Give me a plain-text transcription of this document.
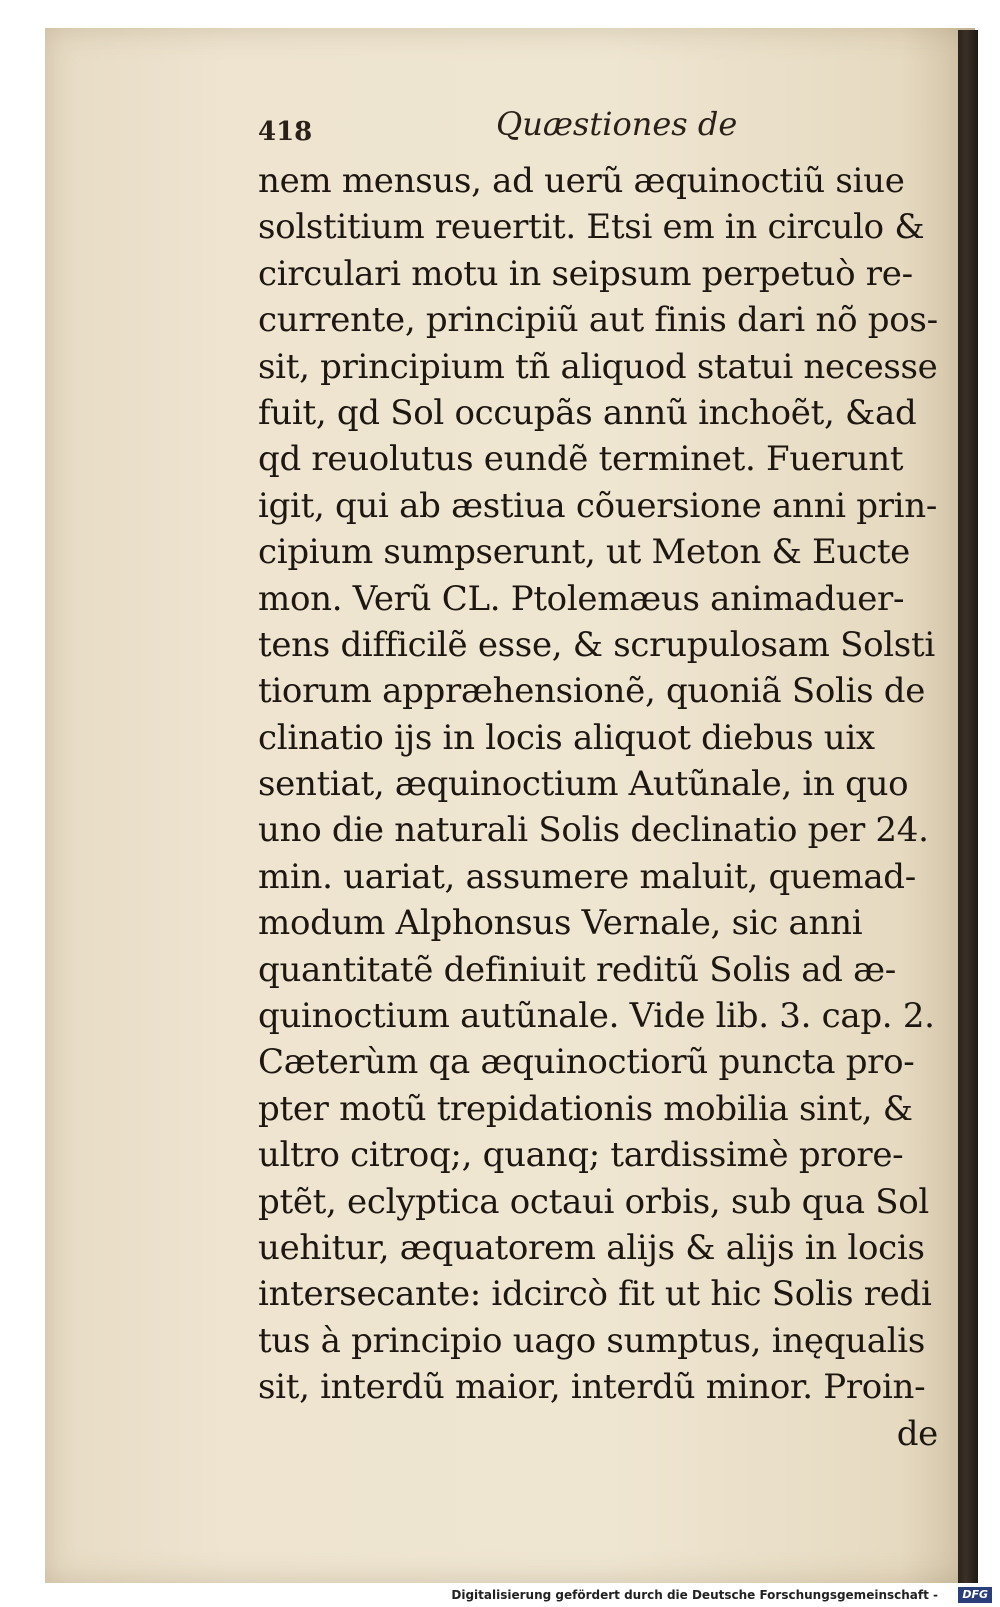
418	Quæstiones de
nem mensus, ad uerũ æquinoctiũ siue
solstitium reuertit. Etsi em in circulo &
circulari motu in seipsum perpetuò re-
currente, principiũ aut finis dari nõ pos-
sit, principium tñ aliquod statui necesse
fuit, qd Sol occupãs annũ inchoẽt, &ad
qd reuolutus eundẽ terminet. Fuerunt
igit, qui ab æstiua cõuersione anni prin-
cipium sumpserunt, ut Meton & Eucte
mon. Verũ CL. Ptolemæus animaduer-
tens difficilẽ esse, & scrupulosam Solsti
tiorum appræhensionẽ, quoniã Solis de
clinatio ijs in locis aliquot diebus uix
sentiat, æquinoctium Autũnale, in quo
uno die naturali Solis declinatio per 24.
min. uariat, assumere maluit, quemad-
modum Alphonsus Vernale, sic anni
quantitatẽ definiuit reditũ Solis ad æ-
quinoctium autũnale. Vide lib. 3. cap. 2.
Cæterùm qa æquinoctiorũ puncta pro-
pter motũ trepidationis mobilia sint, &
ultro citroq;, quanq; tardissimè prore-
ptẽt, eclyptica octaui orbis, sub qua Sol
uehitur, æquatorem alijs & alijs in locis
intersecante: idcircò fit ut hic Solis redi
tus à principio uago sumptus, inęqualis
sit, interdũ maior, interdũ minor. Proin-
de
Digitalisierung gefördert durch die Deutsche Forschungsgemeinschaft -	DFG
